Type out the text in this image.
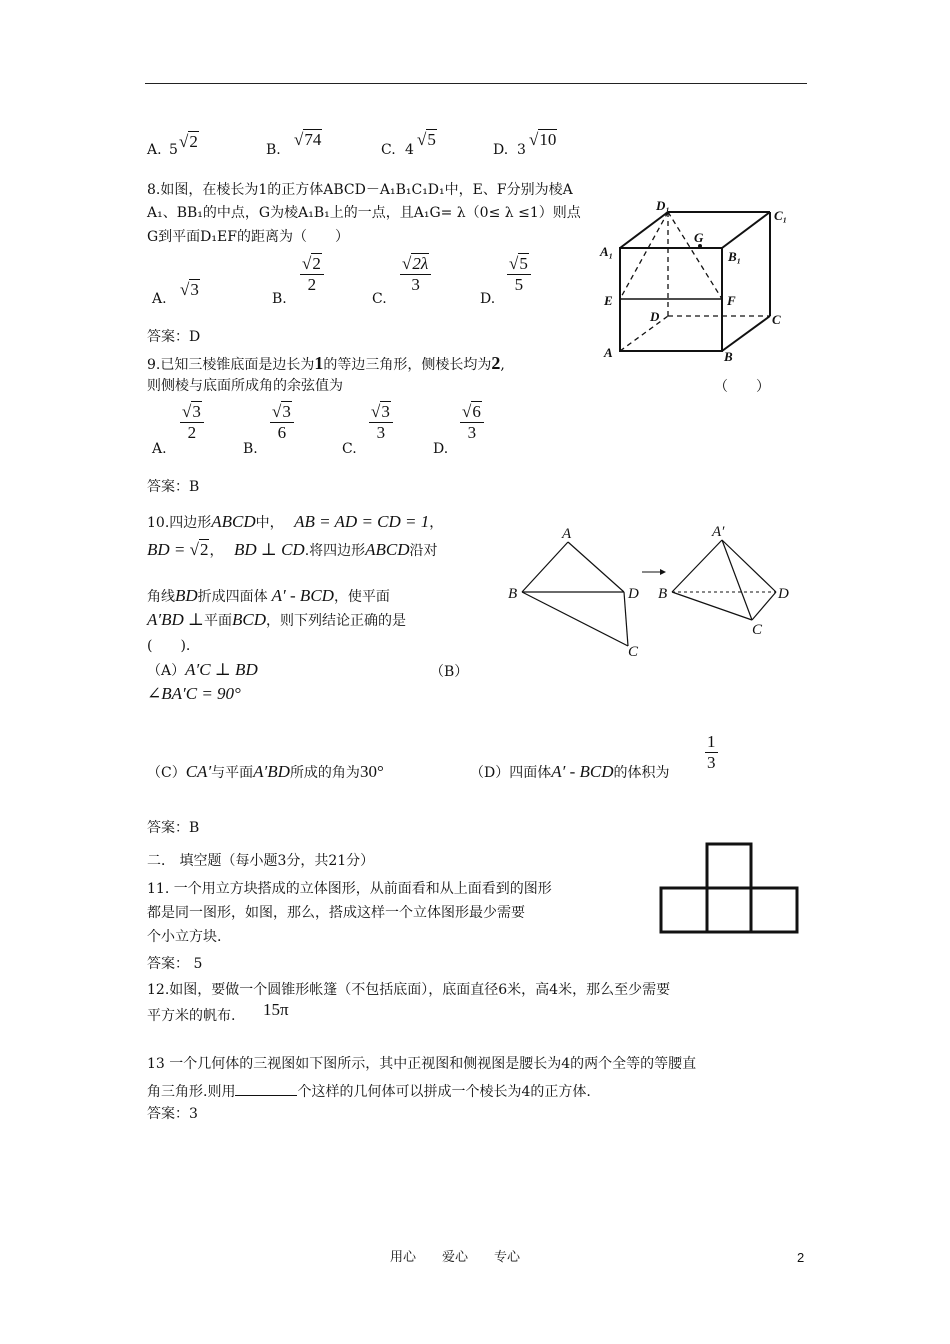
A. 5 √2	B.
√74
C. 4
√5
D. 3
√10
8.如图，在棱长为1的正方体ABCD－A₁B₁C₁D₁中，E、F分别为棱A
A₁、BB₁的中点，G为棱A₁B₁上的一点，且A₁G= λ（0≤ λ ≤1）则点
G到平面D₁EF的距离为（　　）
A. √3	B.
$\frac{√2}{2}$
C.
$\frac{√2\lambda}{3}$
D.
$\frac{√5}{5}$
答案：D
D₁
C₁
A₁
G
B₁
E	F
D	C
A	B
9.已知三棱锥底面是边长为1的等边三角形，侧棱长均为2,
则侧棱与底面所成角的余弦值为	（　　）
A.
$\frac{√3}{2}$
B.
$\frac{√3}{6}$
C.
$\frac{√3}{3}$
D.
$\frac{√6}{3}$
答案：B
10.四边形ABCD中， AB = AD = CD = 1，
BD = √2， BD ⊥ CD.将四边形ABCD沿对
角线BD折成四面体 A′ - BCD，使平面
A′BD ⊥平面BCD，则下列结论正确的是
(　　).
（A）A′C ⊥ BD	（B）
∠BA′C = 90°
（C）CA′与平面A′BD所成的角为30°	（D）四面体A′ - BCD的体积为 $\frac{1}{3}$
答案：B
A
B	D
C
A′
B	D
C
二． 填空题（每小题3分，共21分）
11. 一个用立方块搭成的立体图形，从前面看和从上面看到的图形
都是同一图形，如图，那么，搭成这样一个立体图形最少需要
个小立方块.
答案： 5
12.如图，要做一个圆锥形帐篷（不包括底面），底面直径6米，高4米，那么至少需要
平方米的帆布. 15π
13 一个几何体的三视图如下图所示，其中正视图和侧视图是腰长为4的两个全等的等腰直
角三角形.则用	个这样的几何体可以拼成一个棱长为4的正方体.
答案：3
用心　　爱心　　专心	2
